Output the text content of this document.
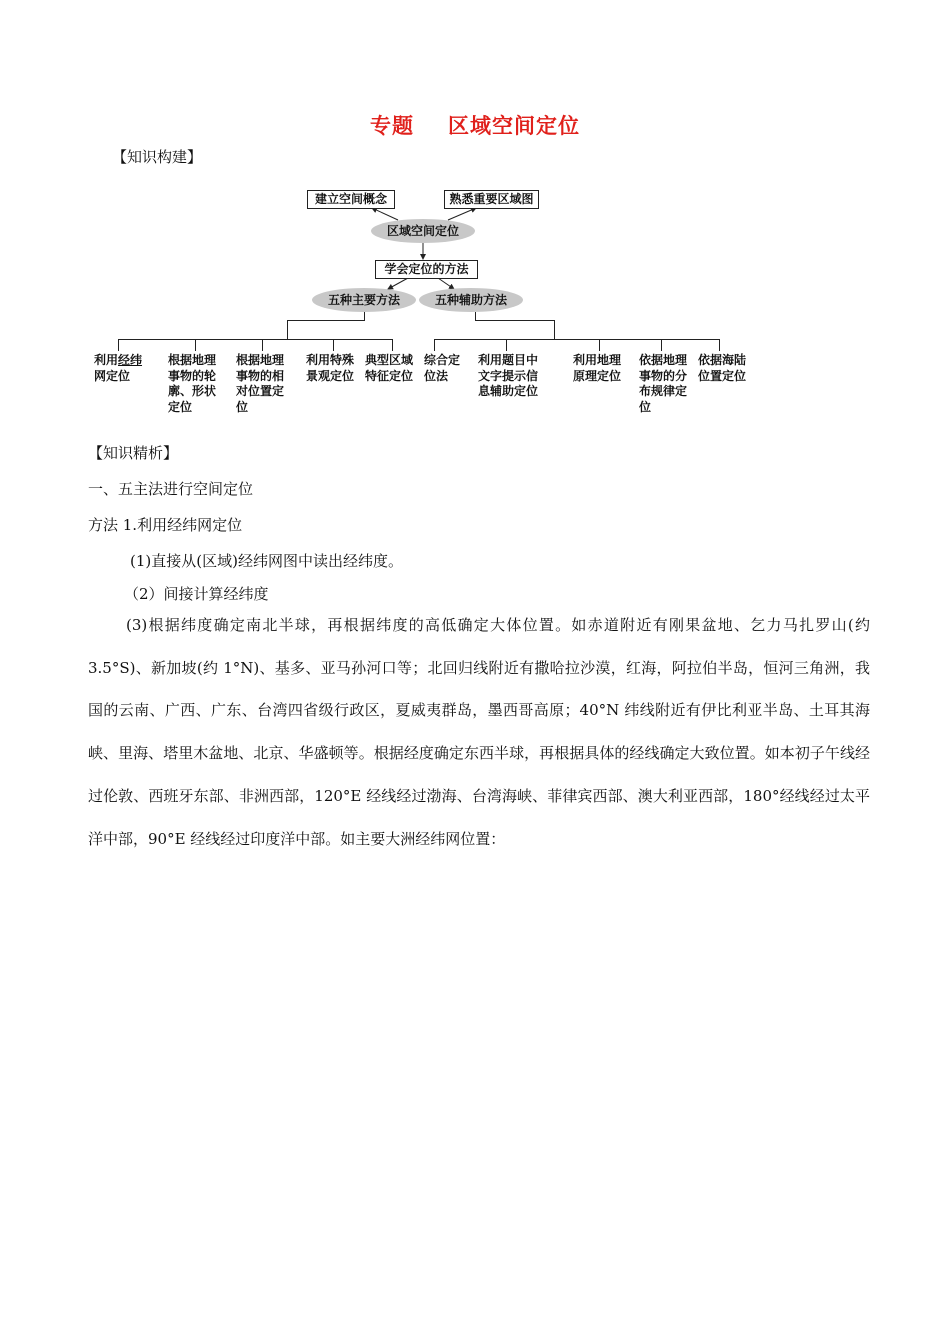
专题 区域空间定位
【知识构建】
建立空间概念	熟悉重要区域图
区域空间定位
学会定位的方法
五种主要方法	五种辅助方法
利用经纬
网定位
根据地理
事物的轮
廓、形状
定位
根据地理
事物的相
对位置定
位
利用特殊
景观定位
典型区域
特征定位
综合定
位法
利用题目中
文字提示信
息辅助定位
利用地理
原理定位
依据地理
事物的分
布规律定
位
依据海陆
位置定位
【知识精析】
一、五主法进行空间定位
方法 1.利用经纬网定位
(1)直接从(区域)经纬网图中读出经纬度。
（2）间接计算经纬度

(3)根据纬度确定南北半球，再根据纬度的高低确定大体位置。如赤道附近有刚果盆地、乞力马扎罗山(约 3.5°S)、新加坡(约 1°N)、基多、亚马孙河口等；北回归线附近有撒哈拉沙漠，红海，阿拉伯半岛，恒河三角洲，我国的云南、广西、广东、台湾四省级行政区，夏威夷群岛，墨西哥高原；40°N 纬线附近有伊比利亚半岛、土耳其海峡、里海、塔里木盆地、北京、华盛顿等。根据经度确定东西半球，再根据具体的经线确定大致位置。如本初子午线经过伦敦、西班牙东部、非洲西部，120°E 经线经过渤海、台湾海峡、菲律宾西部、澳大利亚西部，180°经线经过太平洋中部，90°E 经线经过印度洋中部。如主要大洲经纬网位置：
